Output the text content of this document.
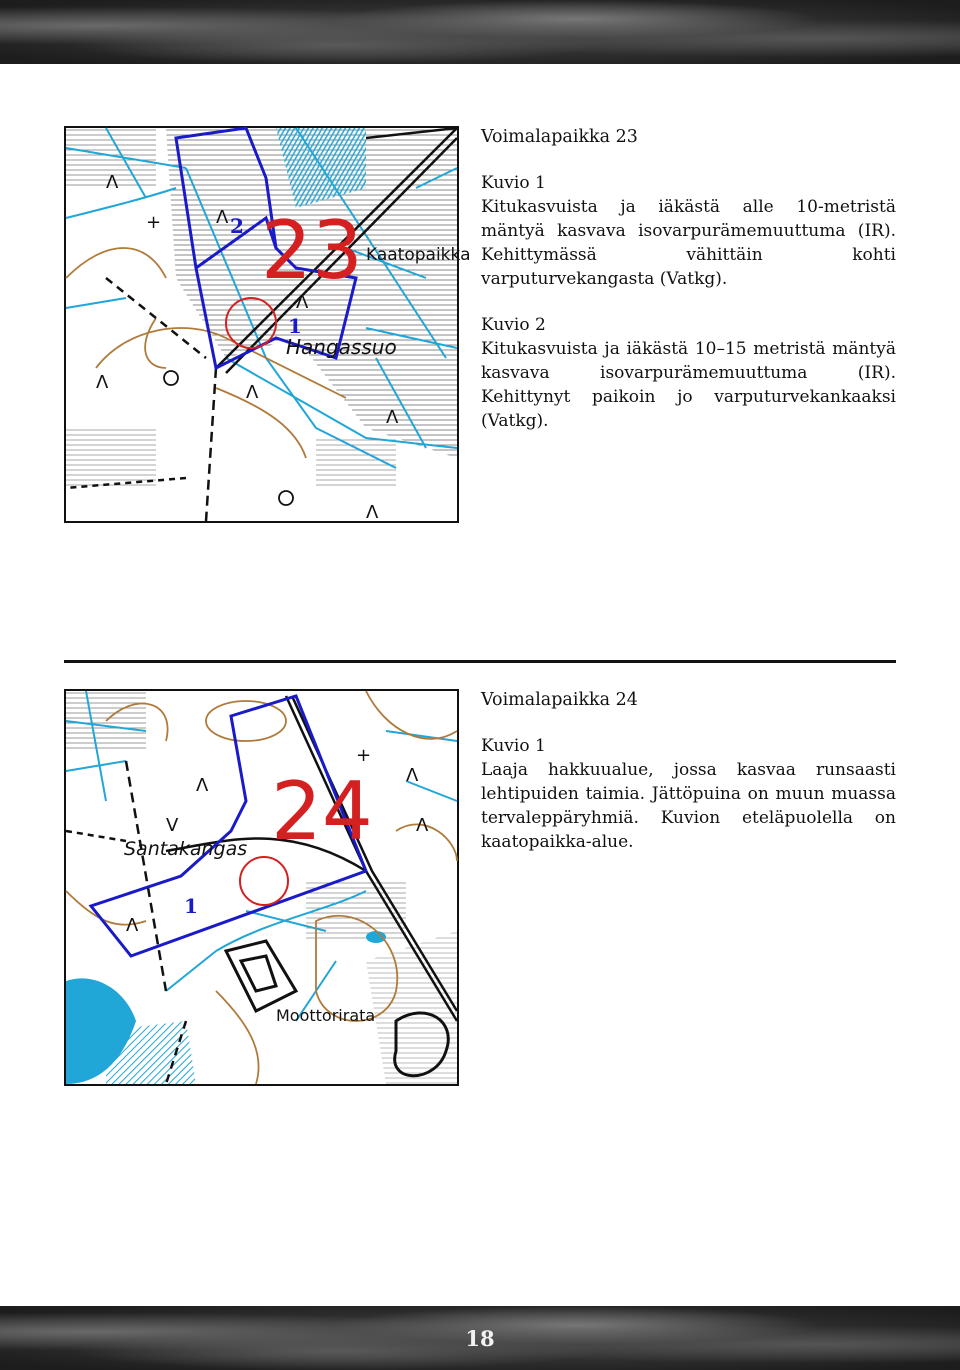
Λ
Λ
Λ
Λ
Λ	Λ
Λ
+ 23 Kaatopaikka
Hangassuo
1
2
Voimalapaikka 23
Kuvio 1

Kitukasvuista ja iäkästä alle 10-metristä mäntyä kasvava isovarpurämemuuttuma (IR). Kehittymässä vähittäin kohti varputurvekangasta (Vatkg).

Kuvio 2

Kitukasvuista ja iäkästä 10–15 metristä mäntyä kasvava isovarpurämemuuttuma (IR). Kehittynyt paikoin jo varputurvekankaaksi (Vatkg).

V
Λ
Λ
+
Λ
Λ
24
Santakangas
Moottorirata
1
Voimalapaikka 24
Kuvio 1

Laaja hakkuualue, jossa kasvaa runsaasti lehtipuiden taimia. Jättöpuina on muun muassa tervaleppäryhmiä. Kuvion eteläpuolella on kaatopaikka-alue.

18
